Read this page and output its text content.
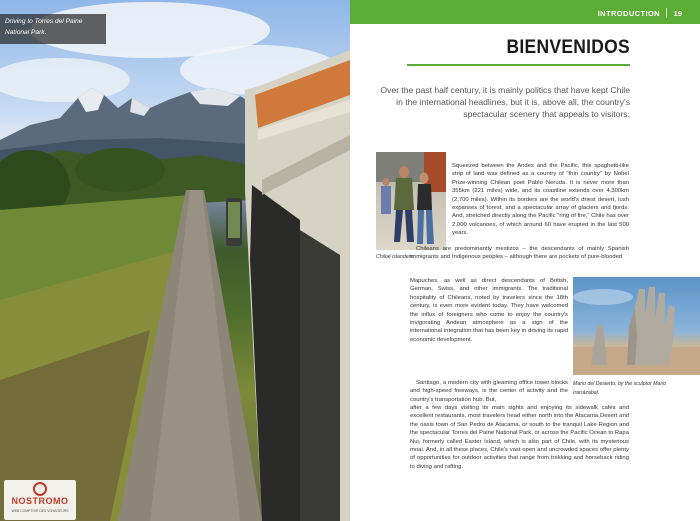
Driving to Torres del Paine
National Park.
NOSTROMO
WEB COMPTOIR DES VOYAGEURS
INTRODUCTION 19
BIENVENIDOS
Over the past half century, it is mainly politics that have kept Chile in the international headlines, but it is, above all, the country's spectacular scenery that appeals to visitors.
Chiloé islanders.
Mano del Desierto, by the sculptor Mario Irarrázabal.

Squeezed between the Andes and the Pacific, this spaghetti-like strip of land was defined as a country of "thin country" by Nobel Prize-winning Chilean poet Pablo Neruda. It is never more than 355km (221 miles) wide, and its coastline extends over 4,300km (2,700 miles). Within its borders are the world's driest desert, lush expanses of forest, and a spectacular array of glaciers and fjords. And, stretched directly along the Pacific "ring of fire," Chile has over 2,000 volcanoes, of which around 60 have erupted in the last 500 years.

Chileans are predominantly mestizos – the descendants of mainly Spanish immigrants and Indigenous peoples – although there are pockets of pure-blooded

Mapuches, as well as direct descendants of British, German, Swiss, and other immigrants. The traditional hospitality of Chileans, noted by travelers since the 18th century, is even more evident today. They have welcomed the influx of foreigners who come to enjoy the country's invigorating Andean atmosphere as a sign of the international integration that has been key in driving its rapid economic development.

Santiago, a modern city with gleaming office tower blocks and high-speed freeways, is the center of activity and the country's transportation hub. But,

after a few days visiting its main sights and enjoying its sidewalk cafés and excellent restaurants, most travelers head either north into the Atacama Desert and the oasis town of San Pedro de Atacama, or south to the tranquil Lake Region and the spectacular Torres del Paine National Park, or across the Pacific Ocean to Rapa Nui, formerly called Easter Island, which is also part of Chile, with its mysterious moai. And, in all these places, Chile's vast open and uncrowded spaces offer plenty of opportunities for outdoor activities that range from trekking and horseback riding to diving and rafting.
